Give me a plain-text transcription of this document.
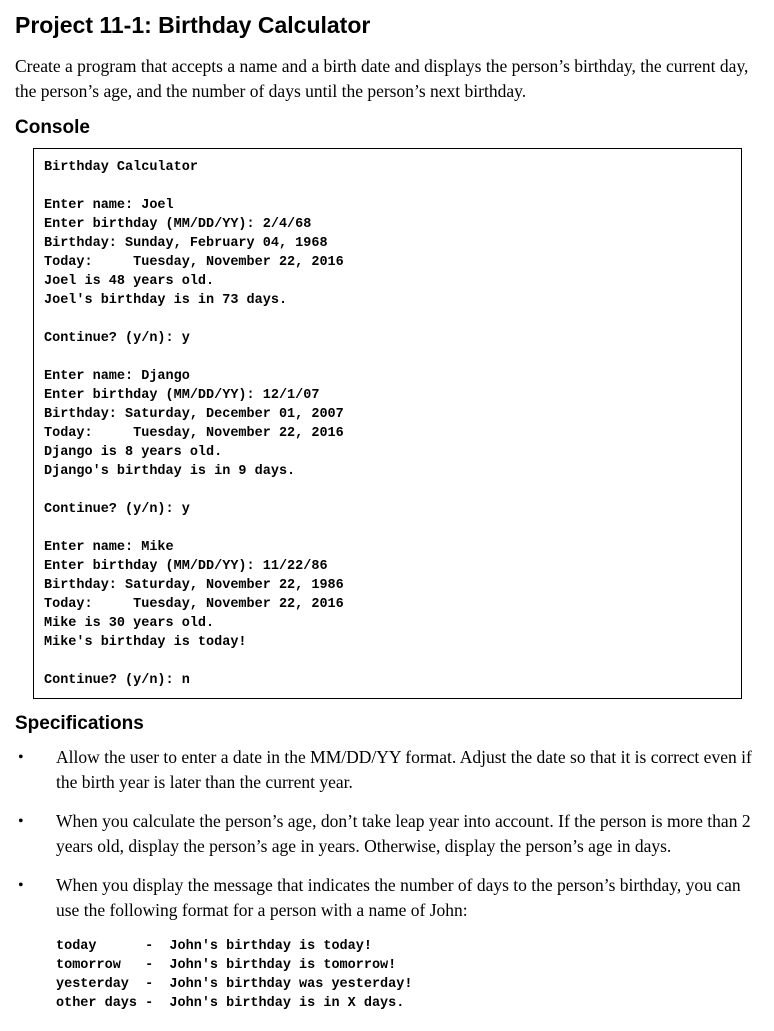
Project 11-1: Birthday Calculator

Create a program that accepts a name and a birth date and displays the person’s birthday, the current day, the person’s age, and the number of days until the person’s next birthday.

Console
Birthday Calculator

Enter name: Joel
Enter birthday (MM/DD/YY): 2/4/68
Birthday: Sunday, February 04, 1968
Today:     Tuesday, November 22, 2016
Joel is 48 years old.
Joel's birthday is in 73 days.

Continue? (y/n): y

Enter name: Django
Enter birthday (MM/DD/YY): 12/1/07
Birthday: Saturday, December 01, 2007
Today:     Tuesday, November 22, 2016
Django is 8 years old.
Django's birthday is in 9 days.

Continue? (y/n): y

Enter name: Mike
Enter birthday (MM/DD/YY): 11/22/86
Birthday: Saturday, November 22, 1986
Today:     Tuesday, November 22, 2016
Mike is 30 years old.
Mike's birthday is today!

Continue? (y/n): n
Specifications
•	Allow the user to enter a date in the MM/DD/YY format. Adjust the date so that it is correct even if the birth year is later than the current year.
•	When you calculate the person’s age, don’t take leap year into account. If the person is more than 2 years old, display the person’s age in years. Otherwise, display the person’s age in days.
•	When you display the message that indicates the number of days to the person’s birthday, you can use the following format for a person with a name of John:
today      -  John's birthday is today!
tomorrow   -  John's birthday is tomorrow!
yesterday  -  John's birthday was yesterday!
other days -  John's birthday is in X days.
